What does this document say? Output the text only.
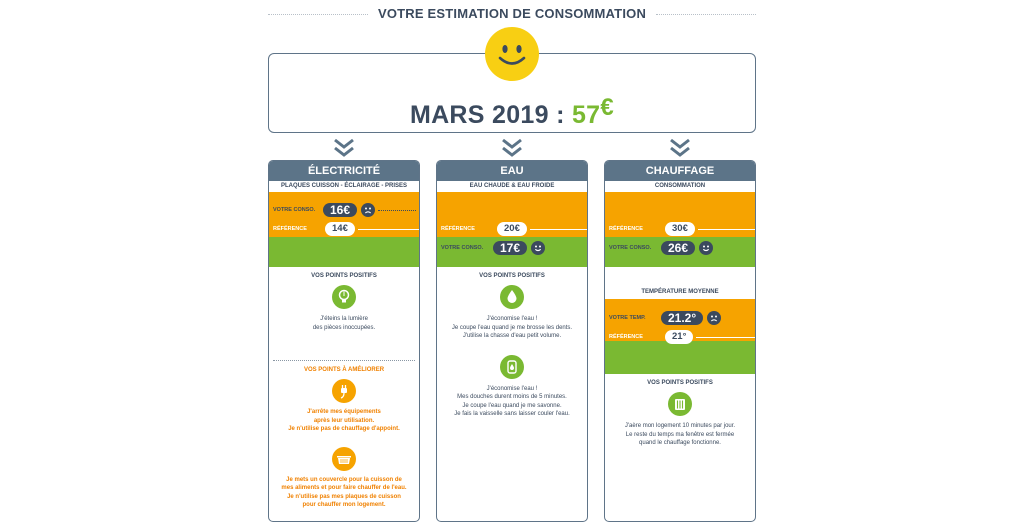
VOTRE ESTIMATION DE CONSOMMATION
MARS 2019 : 57€
ÉLECTRICITÉ
PLAQUES CUISSON - ÉCLAIRAGE - PRISES
VOTRE CONSO.	16€
RÉFÉRENCE	14€
VOS POINTS POSITIFS
J'éteins la lumière
des pièces inoccupées.
VOS POINTS À AMÉLIORER
J'arrête mes équipements
après leur utilisation.
Je n'utilise pas de chauffage d'appoint.
Je mets un couvercle pour la cuisson de
mes aliments et pour faire chauffer de l'eau.
Je n'utilise pas mes plaques de cuisson
pour chauffer mon logement.
EAU
EAU CHAUDE & EAU FROIDE
RÉFÉRENCE	20€
VOTRE CONSO.	17€
VOS POINTS POSITIFS
J'économise l'eau !
Je coupe l'eau quand je me brosse les dents.
J'utilise la chasse d'eau petit volume.
J'économise l'eau !
Mes douches durent moins de 5 minutes.
Je coupe l'eau quand je me savonne.
Je fais la vaisselle sans laisser couler l'eau.
CHAUFFAGE
CONSOMMATION
RÉFÉRENCE	30€
VOTRE CONSO.	26€
TEMPÉRATURE MOYENNE
VOTRE TEMP.	21.2°
RÉFÉRENCE	21°
VOS POINTS POSITIFS
J'aère mon logement 10 minutes par jour.
Le reste du temps ma fenêtre est fermée
quand le chauffage fonctionne.
